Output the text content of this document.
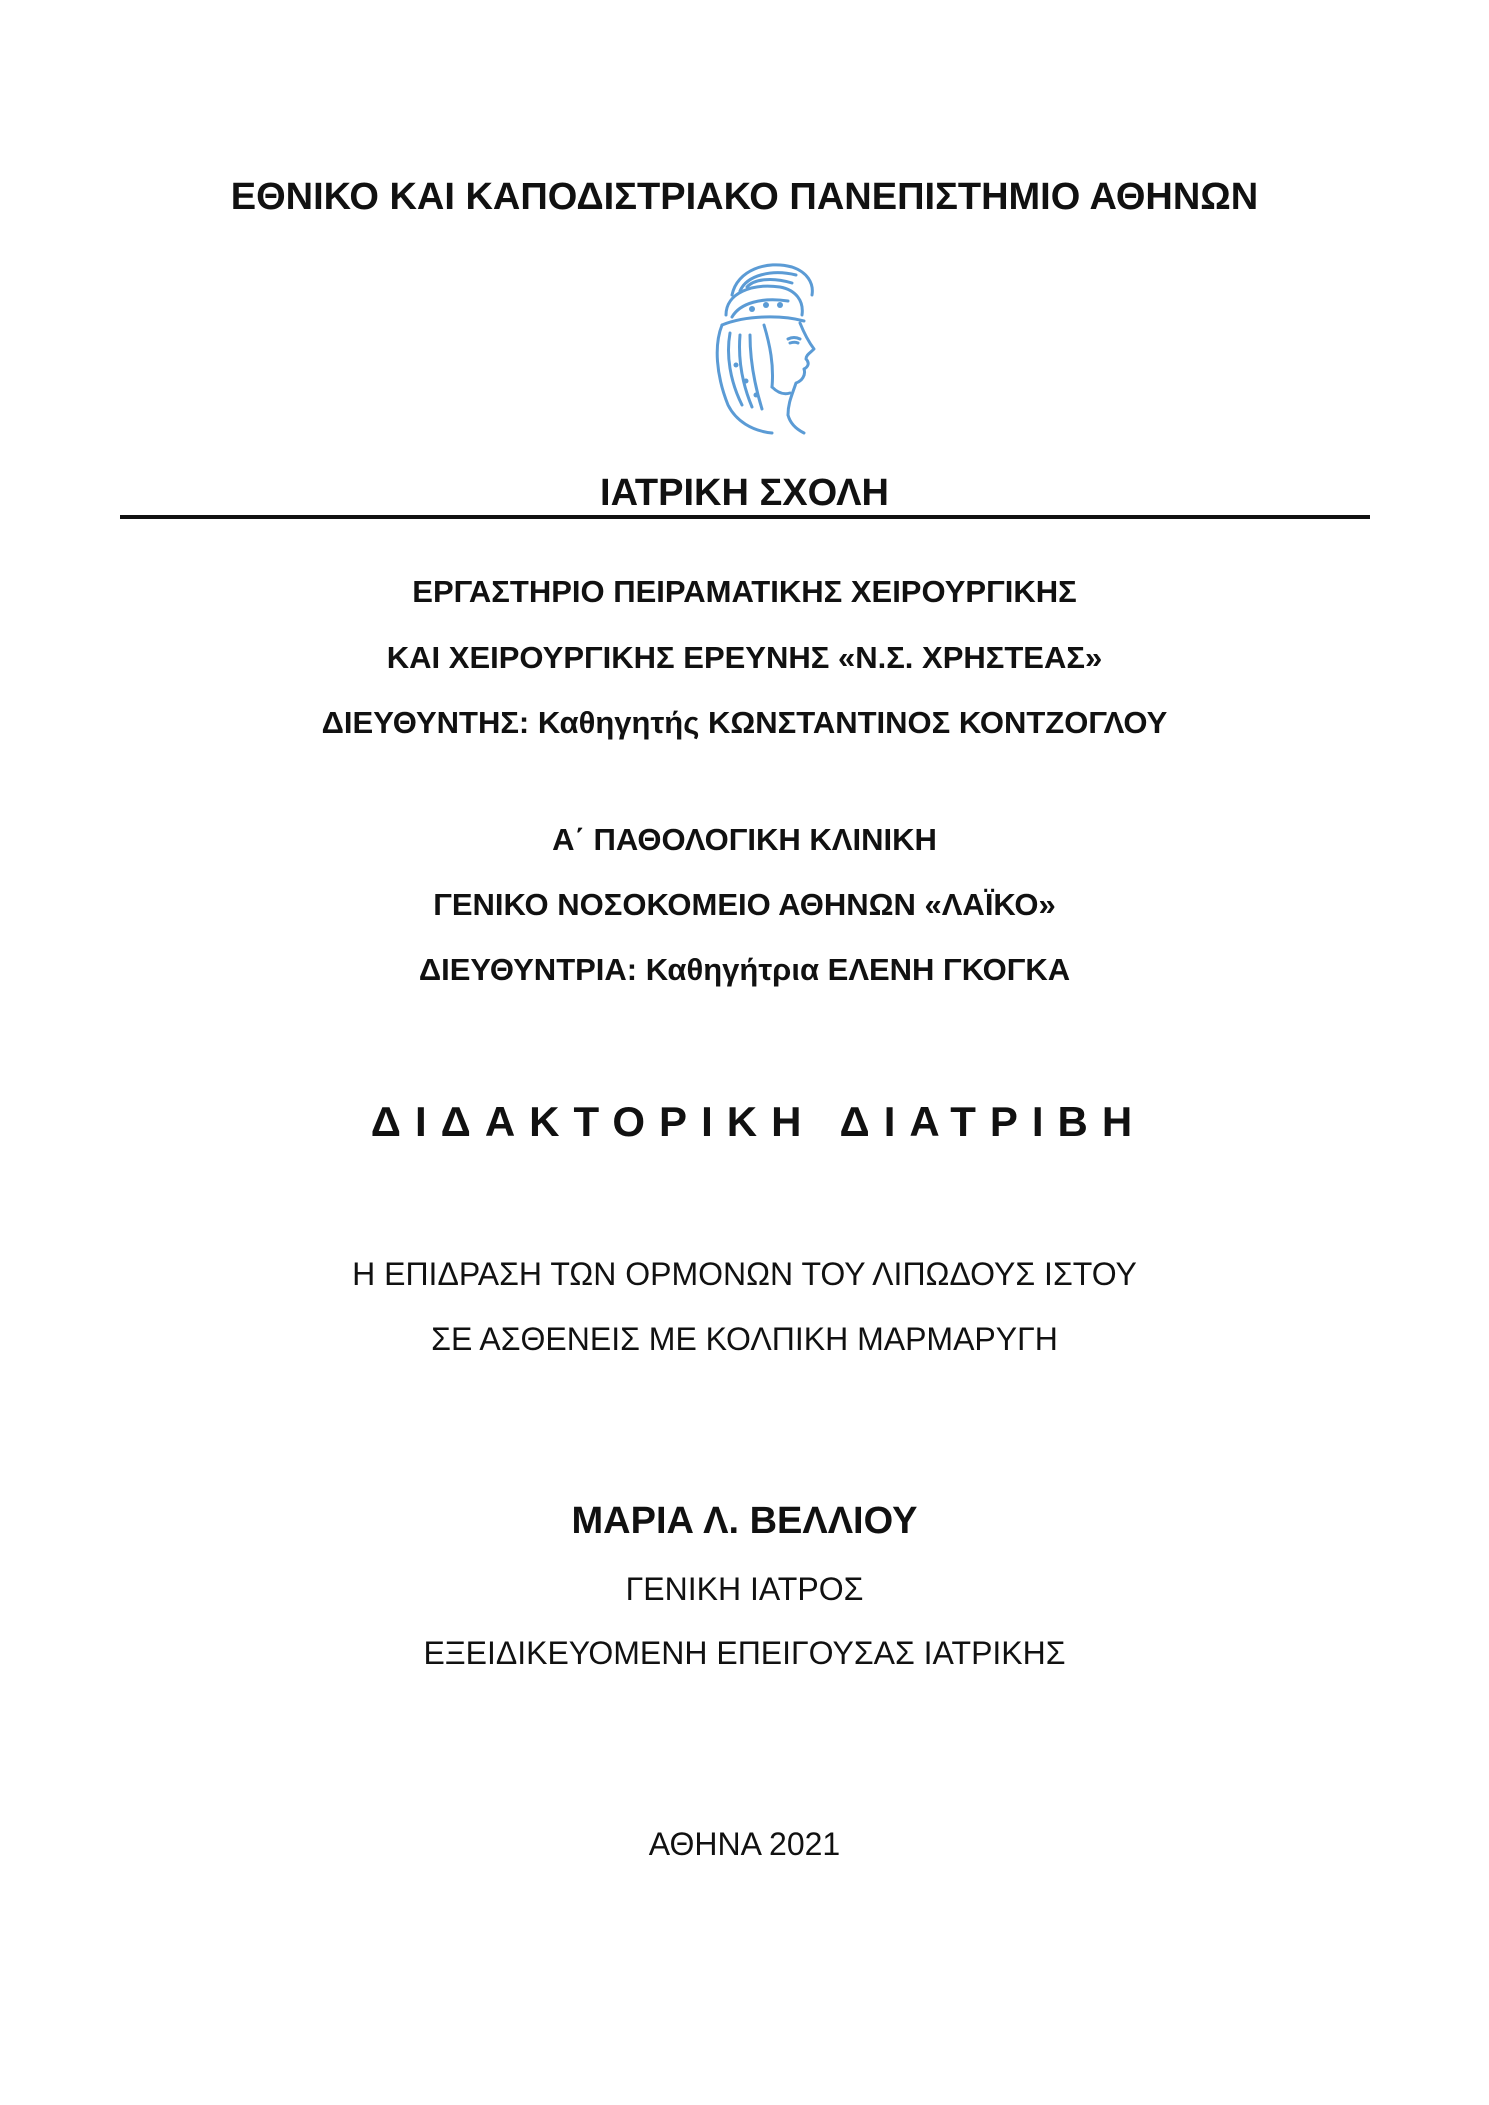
ΕΘΝΙΚΟ ΚΑΙ ΚΑΠΟΔΙΣΤΡΙΑΚΟ ΠΑΝΕΠΙΣΤΗΜΙΟ ΑΘΗΝΩΝ

ΙΑΤΡΙΚΗ ΣΧΟΛΗ

ΕΡΓΑΣΤΗΡΙΟ ΠΕΙΡΑΜΑΤΙΚΗΣ ΧΕΙΡΟΥΡΓΙΚΗΣ

ΚΑΙ ΧΕΙΡΟΥΡΓΙΚΗΣ ΕΡΕΥΝΗΣ «Ν.Σ. ΧΡΗΣΤΕΑΣ»

ΔΙΕΥΘΥΝΤΗΣ: Καθηγητής ΚΩΝΣΤΑΝΤΙΝΟΣ ΚΟΝΤΖΟΓΛΟΥ

Α΄ ΠΑΘΟΛΟΓΙΚΗ ΚΛΙΝΙΚΗ

ΓΕΝΙΚΟ ΝΟΣΟΚΟΜΕΙΟ ΑΘΗΝΩΝ «ΛΑΪΚΟ»

ΔΙΕΥΘΥΝΤΡΙΑ: Καθηγήτρια ΕΛΕΝΗ ΓΚΟΓΚΑ

ΔΙΔΑΚΤΟΡΙΚΗ ΔΙΑΤΡΙΒΗ

Η ΕΠΙΔΡΑΣΗ ΤΩΝ ΟΡΜΟΝΩΝ ΤΟΥ ΛΙΠΩΔΟΥΣ ΙΣΤΟΥ

ΣΕ ΑΣΘΕΝΕΙΣ ΜΕ ΚΟΛΠΙΚΗ ΜΑΡΜΑΡΥΓΗ

ΜΑΡΙΑ Λ. ΒΕΛΛΙΟΥ

ΓΕΝΙΚΗ ΙΑΤΡΟΣ

ΕΞΕΙΔΙΚΕΥΟΜΕΝΗ ΕΠΕΙΓΟΥΣΑΣ ΙΑΤΡΙΚΗΣ

ΑΘΗΝΑ 2021
